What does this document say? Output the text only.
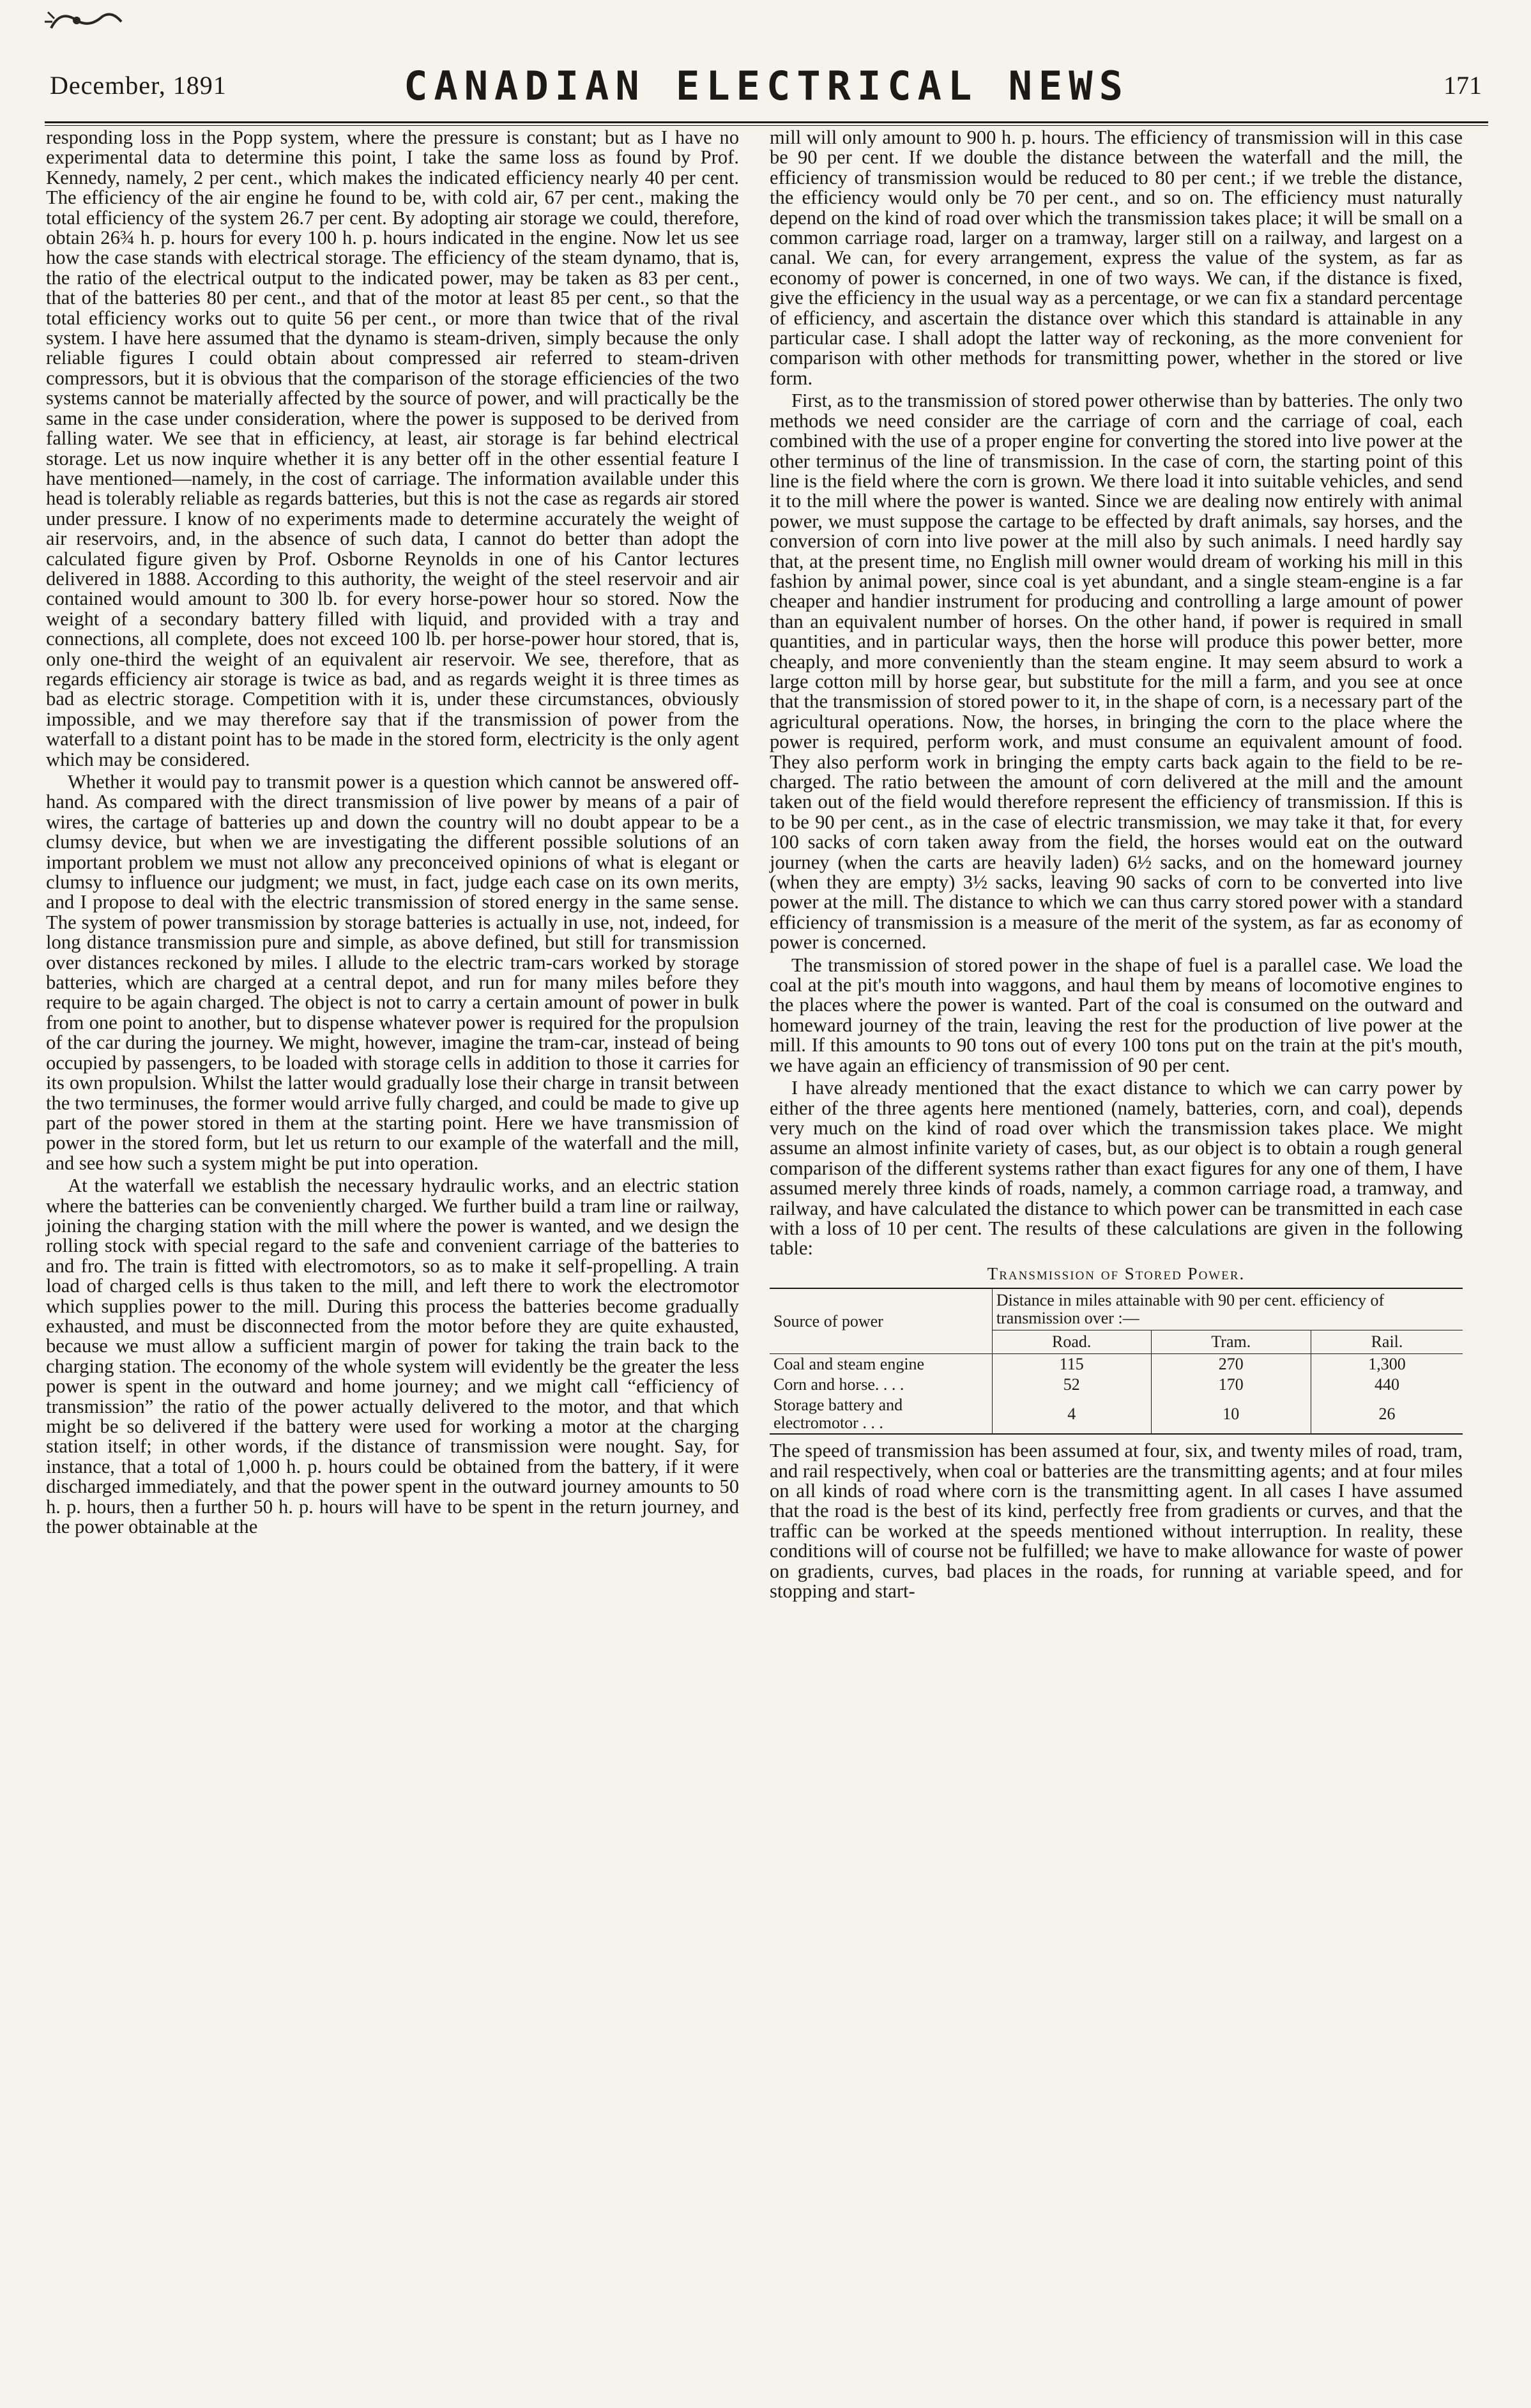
December, 1891	CANADIAN ELECTRICAL NEWS	171

responding loss in the Popp system, where the pressure is constant; but as I have no experimental data to determine this point, I take the same loss as found by Prof. Kennedy, namely, 2 per cent., which makes the indicated efficiency nearly 40 per cent. The efficiency of the air engine he found to be, with cold air, 67 per cent., making the total efficiency of the system 26.7 per cent. By adopting air storage we could, therefore, obtain 26¾ h. p. hours for every 100 h. p. hours indicated in the engine. Now let us see how the case stands with electrical storage. The efficiency of the steam dynamo, that is, the ratio of the electrical output to the indicated power, may be taken as 83 per cent., that of the batteries 80 per cent., and that of the motor at least 85 per cent., so that the total efficiency works out to quite 56 per cent., or more than twice that of the rival system. I have here assumed that the dynamo is steam-driven, simply because the only reliable figures I could obtain about compressed air referred to steam-driven compressors, but it is obvious that the comparison of the storage efficiencies of the two systems cannot be materially affected by the source of power, and will practically be the same in the case under consideration, where the power is supposed to be derived from falling water. We see that in efficiency, at least, air storage is far behind electrical storage. Let us now inquire whether it is any better off in the other essential feature I have mentioned—namely, in the cost of carriage. The information available under this head is tolerably reliable as regards batteries, but this is not the case as regards air stored under pressure. I know of no experiments made to determine accurately the weight of air reservoirs, and, in the absence of such data, I cannot do better than adopt the calculated figure given by Prof. Osborne Reynolds in one of his Cantor lectures delivered in 1888. According to this authority, the weight of the steel reservoir and air contained would amount to 300 lb. for every horse-power hour so stored. Now the weight of a secondary battery filled with liquid, and provided with a tray and connections, all complete, does not exceed 100 lb. per horse-power hour stored, that is, only one-third the weight of an equivalent air reservoir. We see, therefore, that as regards efficiency air storage is twice as bad, and as regards weight it is three times as bad as electric storage. Competition with it is, under these circumstances, obviously impossible, and we may therefore say that if the transmission of power from the waterfall to a distant point has to be made in the stored form, electricity is the only agent which may be considered.

Whether it would pay to transmit power is a question which cannot be answered off-hand. As compared with the direct transmission of live power by means of a pair of wires, the cartage of batteries up and down the country will no doubt appear to be a clumsy device, but when we are investigating the different possible solutions of an important problem we must not allow any preconceived opinions of what is elegant or clumsy to influence our judgment; we must, in fact, judge each case on its own merits, and I propose to deal with the electric transmission of stored energy in the same sense. The system of power transmission by storage batteries is actually in use, not, indeed, for long distance transmission pure and simple, as above defined, but still for transmission over distances reckoned by miles. I allude to the electric tram-cars worked by storage batteries, which are charged at a central depot, and run for many miles before they require to be again charged. The object is not to carry a certain amount of power in bulk from one point to another, but to dispense whatever power is required for the propulsion of the car during the journey. We might, however, imagine the tram-car, instead of being occupied by passengers, to be loaded with storage cells in addition to those it carries for its own propulsion. Whilst the latter would gradually lose their charge in transit between the two terminuses, the former would arrive fully charged, and could be made to give up part of the power stored in them at the starting point. Here we have transmission of power in the stored form, but let us return to our example of the waterfall and the mill, and see how such a system might be put into operation.

At the waterfall we establish the necessary hydraulic works, and an electric station where the batteries can be conveniently charged. We further build a tram line or railway, joining the charging station with the mill where the power is wanted, and we design the rolling stock with special regard to the safe and convenient carriage of the batteries to and fro. The train is fitted with electromotors, so as to make it self-propelling. A train load of charged cells is thus taken to the mill, and left there to work the electromotor which supplies power to the mill. During this process the batteries become gradually exhausted, and must be disconnected from the motor before they are quite exhausted, because we must allow a sufficient margin of power for taking the train back to the charging station. The economy of the whole system will evidently be the greater the less power is spent in the outward and home journey; and we might call “efficiency of transmission” the ratio of the power actually delivered to the motor, and that which might be so delivered if the battery were used for working a motor at the charging station itself; in other words, if the distance of transmission were nought. Say, for instance, that a total of 1,000 h. p. hours could be obtained from the battery, if it were discharged immediately, and that the power spent in the outward journey amounts to 50 h. p. hours, then a further 50 h. p. hours will have to be spent in the return journey, and the power obtainable at the

mill will only amount to 900 h. p. hours. The efficiency of transmission will in this case be 90 per cent. If we double the distance between the waterfall and the mill, the efficiency of transmission would be reduced to 80 per cent.; if we treble the distance, the efficiency would only be 70 per cent., and so on. The efficiency must naturally depend on the kind of road over which the transmission takes place; it will be small on a common carriage road, larger on a tramway, larger still on a railway, and largest on a canal. We can, for every arrangement, express the value of the system, as far as economy of power is concerned, in one of two ways. We can, if the distance is fixed, give the efficiency in the usual way as a percentage, or we can fix a standard percentage of efficiency, and ascertain the distance over which this standard is attainable in any particular case. I shall adopt the latter way of reckoning, as the more convenient for comparison with other methods for transmitting power, whether in the stored or live form.

First, as to the transmission of stored power otherwise than by batteries. The only two methods we need consider are the carriage of corn and the carriage of coal, each combined with the use of a proper engine for converting the stored into live power at the other terminus of the line of transmission. In the case of corn, the starting point of this line is the field where the corn is grown. We there load it into suitable vehicles, and send it to the mill where the power is wanted. Since we are dealing now entirely with animal power, we must suppose the cartage to be effected by draft animals, say horses, and the conversion of corn into live power at the mill also by such animals. I need hardly say that, at the present time, no English mill owner would dream of working his mill in this fashion by animal power, since coal is yet abundant, and a single steam-engine is a far cheaper and handier instrument for producing and controlling a large amount of power than an equivalent number of horses. On the other hand, if power is required in small quantities, and in particular ways, then the horse will produce this power better, more cheaply, and more conveniently than the steam engine. It may seem absurd to work a large cotton mill by horse gear, but substitute for the mill a farm, and you see at once that the transmission of stored power to it, in the shape of corn, is a necessary part of the agricultural operations. Now, the horses, in bringing the corn to the place where the power is required, perform work, and must consume an equivalent amount of food. They also perform work in bringing the empty carts back again to the field to be re-charged. The ratio between the amount of corn delivered at the mill and the amount taken out of the field would therefore represent the efficiency of transmission. If this is to be 90 per cent., as in the case of electric transmission, we may take it that, for every 100 sacks of corn taken away from the field, the horses would eat on the outward journey (when the carts are heavily laden) 6½ sacks, and on the homeward journey (when they are empty) 3½ sacks, leaving 90 sacks of corn to be converted into live power at the mill. The distance to which we can thus carry stored power with a standard efficiency of transmission is a measure of the merit of the system, as far as economy of power is concerned.

The transmission of stored power in the shape of fuel is a parallel case. We load the coal at the pit's mouth into waggons, and haul them by means of locomotive engines to the places where the power is wanted. Part of the coal is consumed on the outward and homeward journey of the train, leaving the rest for the production of live power at the mill. If this amounts to 90 tons out of every 100 tons put on the train at the pit's mouth, we have again an efficiency of transmission of 90 per cent.

I have already mentioned that the exact distance to which we can carry power by either of the three agents here mentioned (namely, batteries, corn, and coal), depends very much on the kind of road over which the transmission takes place. We might assume an almost infinite variety of cases, but, as our object is to obtain a rough general comparison of the different systems rather than exact figures for any one of them, I have assumed merely three kinds of roads, namely, a common carriage road, a tramway, and railway, and have calculated the distance to which power can be transmitted in each case with a loss of 10 per cent. The results of these calculations are given in the following table:

Transmission of Stored Power.
Source of power	Distance in miles attainable with 90 per cent. efficiency of transmission over :—		
	Road.	Tram.	Rail.
Coal and steam engine	115	270	1,300
Corn and horse. . . .	52	170	440
Storage battery and electromotor . . .	4	10	26

The speed of transmission has been assumed at four, six, and twenty miles of road, tram, and rail respectively, when coal or batteries are the transmitting agents; and at four miles on all kinds of road where corn is the transmitting agent. In all cases I have assumed that the road is the best of its kind, perfectly free from gradients or curves, and that the traffic can be worked at the speeds mentioned without interruption. In reality, these conditions will of course not be fulfilled; we have to make allowance for waste of power on gradients, curves, bad places in the roads, for running at variable speed, and for stopping and start-
